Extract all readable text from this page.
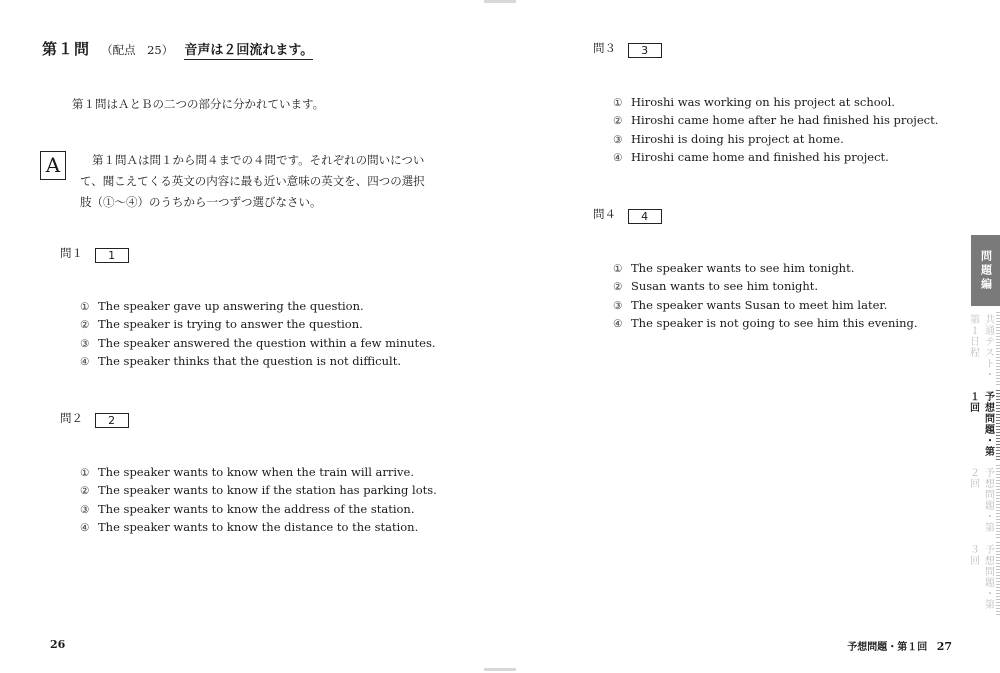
第１問 （配点　25） 音声は２回流れます。
第１問はＡとＢの二つの部分に分かれています。
A	第１問Ａは問１から問４までの４問です。それぞれの問いについて、聞こえてくる英文の内容に最も近い意味の英文を、四つの選択肢（①～④）のうちから一つずつ選びなさい。
問１ 1
① The speaker gave up answering the question.
② The speaker is trying to answer the question.
③ The speaker answered the question within a few minutes.
④ The speaker thinks that the question is not difficult.
問２ 2
① The speaker wants to know when the train will arrive.
② The speaker wants to know if the station has parking lots.
③ The speaker wants to know the address of the station.
④ The speaker wants to know the distance to the station.
26
問３ 3
① Hiroshi was working on his project at school.
② Hiroshi came home after he had finished his project.
③ Hiroshi is doing his project at home.
④ Hiroshi came home and finished his project.
問４ 4
① The speaker wants to see him tonight.
② Susan wants to see him tonight.
③ The speaker wants Susan to meet him later.
④ The speaker is not going to see him this evening.
予想問題・第１回 27
問題編
共通テスト・第１日程
予想問題・第１回
予想問題・第２回
予想問題・第３回
